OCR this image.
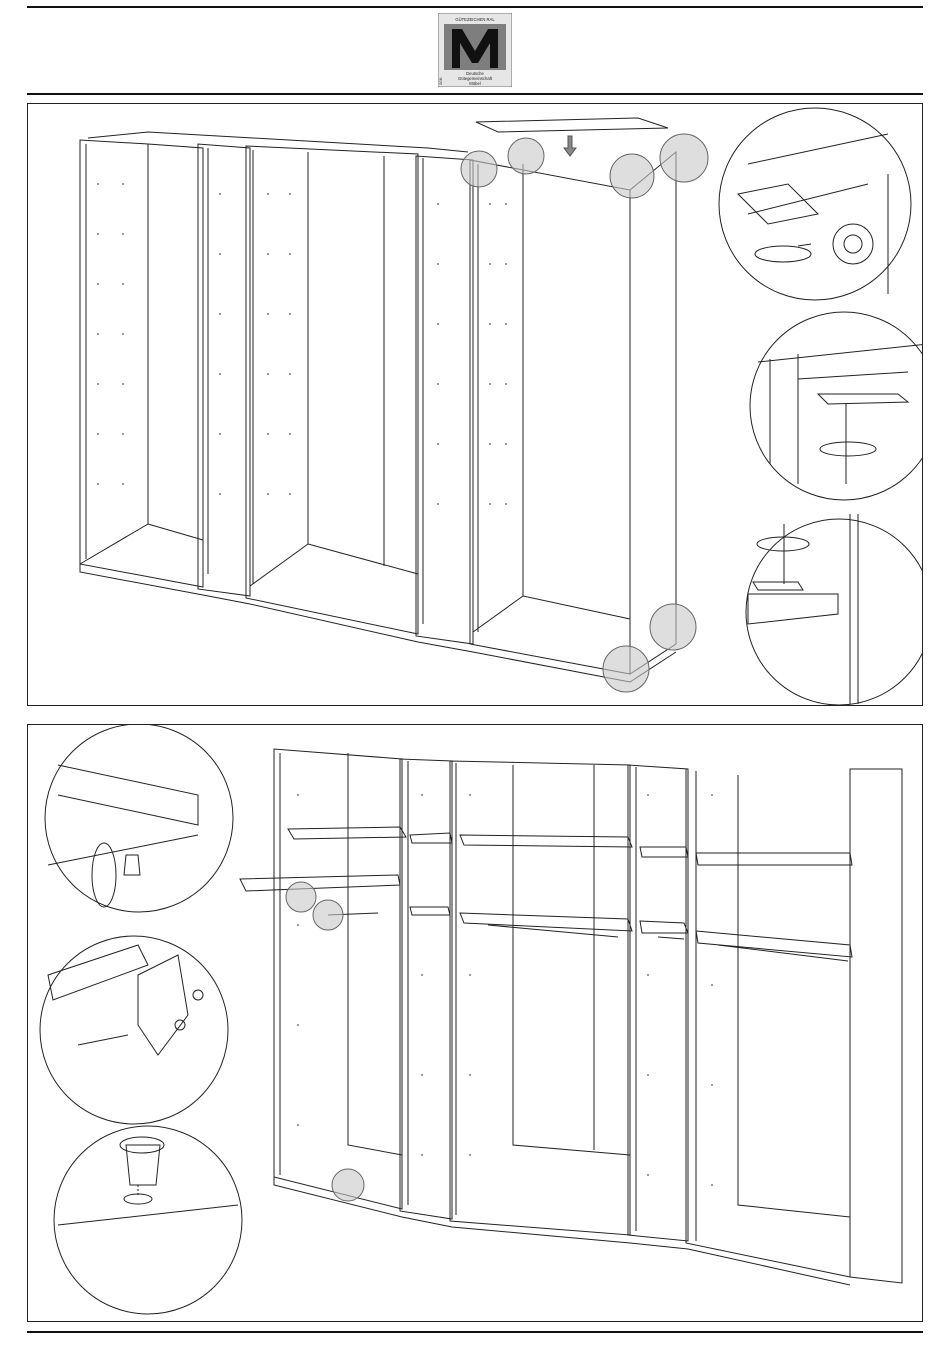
GÜTEZEICHEN RAL
Deutsche
Gütegemeinschaft
Möbel
DGM
